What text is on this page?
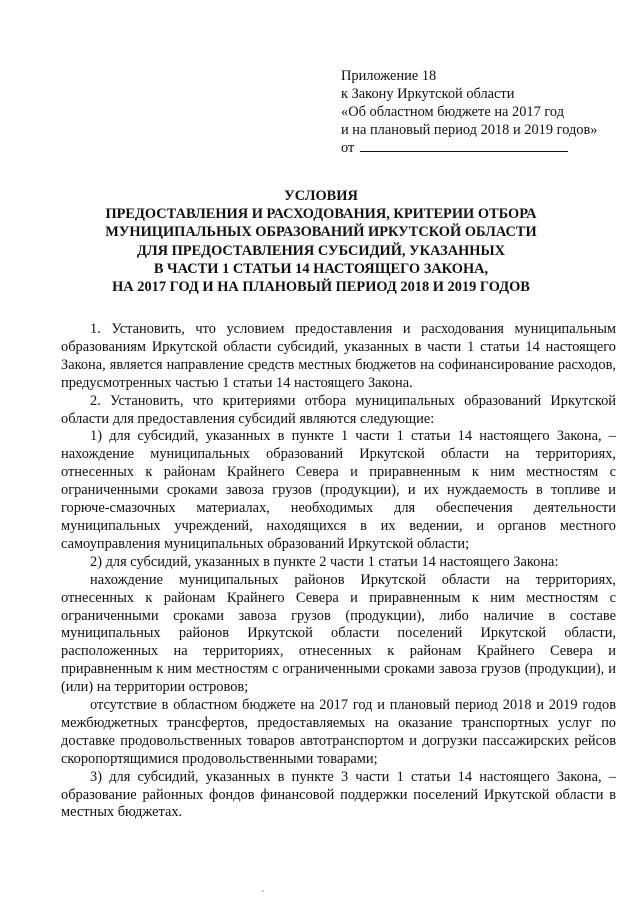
Приложение 18
к Закону Иркутской области
«Об областном бюджете на 2017 год
и на плановый период 2018 и 2019 годов»
от
УСЛОВИЯ
ПРЕДОСТАВЛЕНИЯ И РАСХОДОВАНИЯ, КРИТЕРИИ ОТБОРА
МУНИЦИПАЛЬНЫХ ОБРАЗОВАНИЙ ИРКУТСКОЙ ОБЛАСТИ
ДЛЯ ПРЕДОСТАВЛЕНИЯ СУБСИДИЙ, УКАЗАННЫХ
В ЧАСТИ 1 СТАТЬИ 14 НАСТОЯЩЕГО ЗАКОНА,
НА 2017 ГОД И НА ПЛАНОВЫЙ ПЕРИОД 2018 И 2019 ГОДОВ

1. Установить, что условием предоставления и расходования муниципальным образованиям Иркутской области субсидий, указанных в части 1 статьи 14 настоящего Закона, является направление средств местных бюджетов на софинансирование расходов, предусмотренных частью 1 статьи 14 настоящего Закона.

2. Установить, что критериями отбора муниципальных образований Иркутской области для предоставления субсидий являются следующие:

1) для субсидий, указанных в пункте 1 части 1 статьи 14 настоящего Закона, – нахождение муниципальных образований Иркутской области на территориях, отнесенных к районам Крайнего Севера и приравненным к ним местностям с ограниченными сроками завоза грузов (продукции), и их нуждаемость в топливе и горюче-смазочных материалах, необходимых для обеспечения деятельности муниципальных учреждений, находящихся в их ведении, и органов местного самоуправления муниципальных образований Иркутской области;

2) для субсидий, указанных в пункте 2 части 1 статьи 14 настоящего Закона:

нахождение муниципальных районов Иркутской области на территориях, отнесенных к районам Крайнего Севера и приравненным к ним местностям с ограниченными сроками завоза грузов (продукции), либо наличие в составе муниципальных районов Иркутской области поселений Иркутской области, расположенных на территориях, отнесенных к районам Крайнего Севера и приравненным к ним местностям с ограниченными сроками завоза грузов (продукции), и (или) на территории островов;

отсутствие в областном бюджете на 2017 год и плановый период 2018 и 2019 годов межбюджетных трансфертов, предоставляемых на оказание транспортных услуг по доставке продовольственных товаров автотранспортом и догрузки пассажирских рейсов скоропортящимися продовольственными товарами;

3) для субсидий, указанных в пункте 3 части 1 статьи 14 настоящего Закона, – образование районных фондов финансовой поддержки поселений Иркутской области в местных бюджетах.
